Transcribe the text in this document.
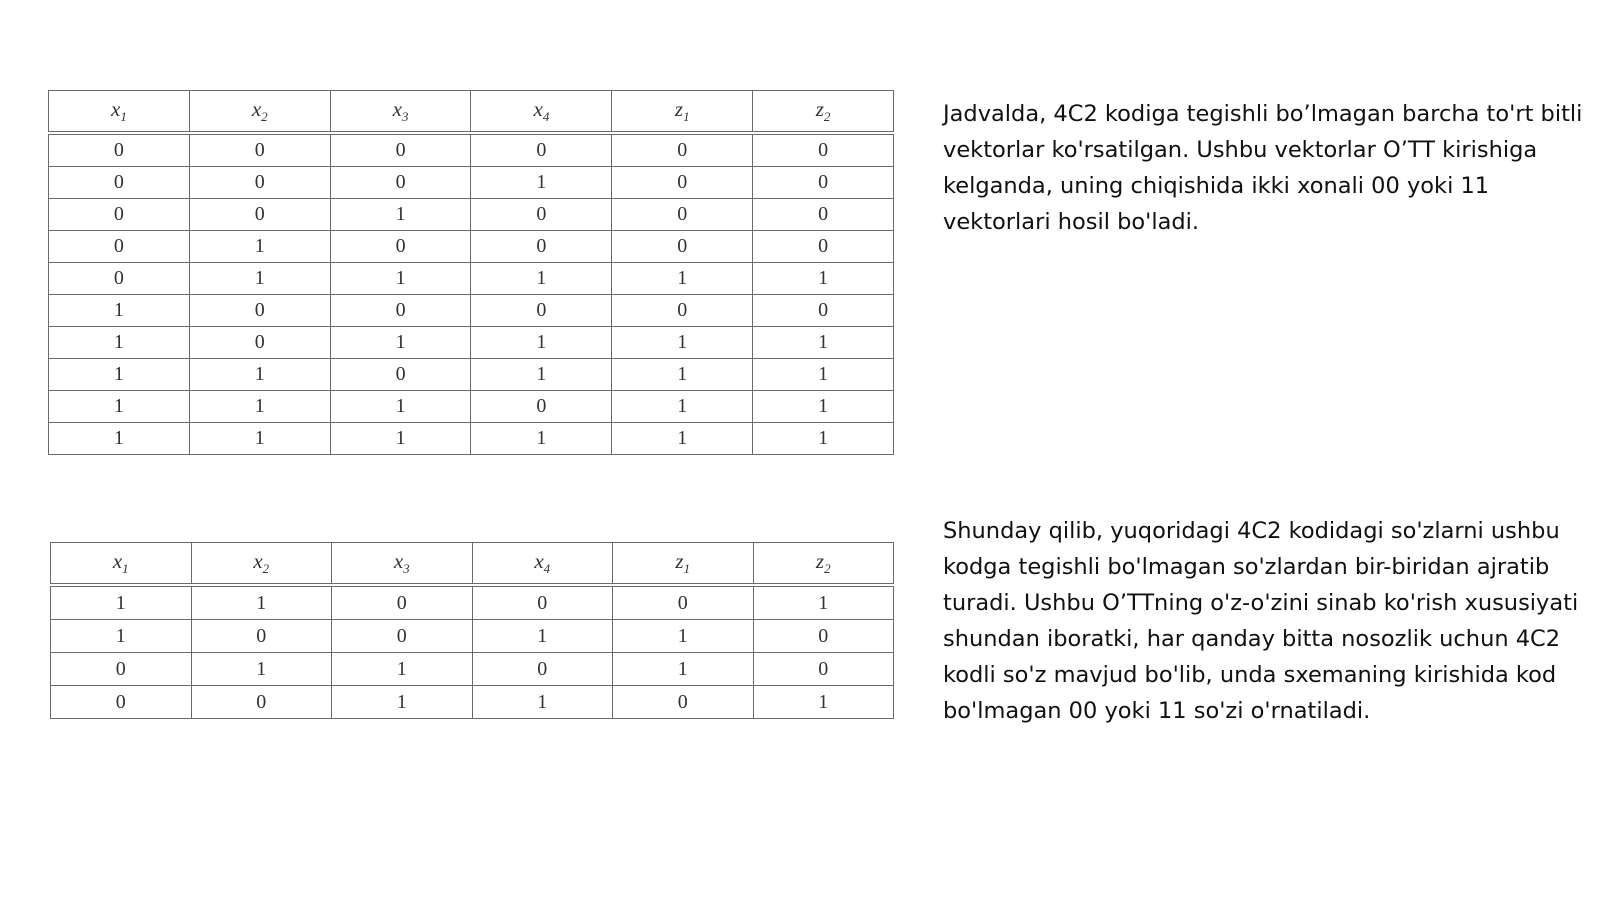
$x_1$	$x_2$	$x_3$	$x_4$	$z_1$	$z_2$
0	0	0	0	0	0
0	0	0	1	0	0
0	0	1	0	0	0
0	1	0	0	0	0
0	1	1	1	1	1
1	0	0	0	0	0
1	0	1	1	1	1
1	1	0	1	1	1
1	1	1	0	1	1
1	1	1	1	1	1

Jadvalda, 4C2 kodiga tegishli bo’lmagan barcha to'rt bitli vektorlar ko'rsatilgan. Ushbu vektorlar O’TT kirishiga kelganda, uning chiqishida ikki xonali 00 yoki 11 vektorlari hosil bo'ladi.

$x_1$	$x_2$	$x_3$	$x_4$	$z_1$	$z_2$
1	1	0	0	0	1
1	0	0	1	1	0
0	1	1	0	1	0
0	0	1	1	0	1

Shunday qilib, yuqoridagi 4C2 kodidagi so'zlarni ushbu kodga tegishli bo'lmagan so'zlardan bir-biridan ajratib turadi. Ushbu O’TTning o'z-o'zini sinab ko'rish xususiyati shundan iboratki, har qanday bitta nosozlik uchun 4C2 kodli so'z mavjud bo'lib, unda sxemaning kirishida kod bo'lmagan 00 yoki 11 so'zi o'rnatiladi.
